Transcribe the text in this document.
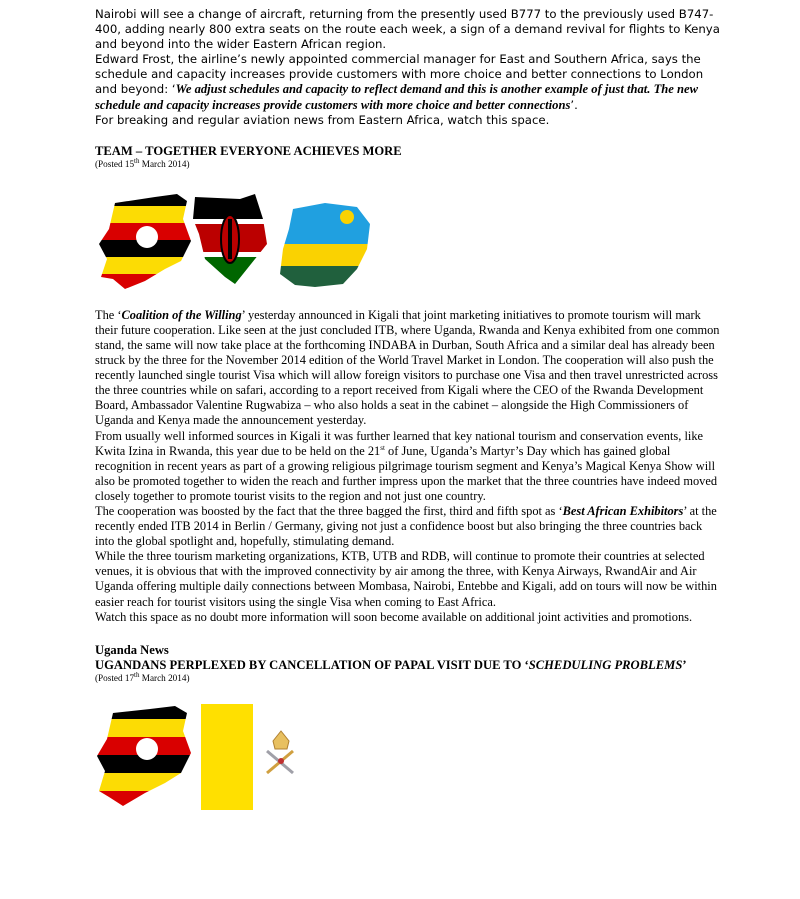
Nairobi will see a change of aircraft, returning from the presently used B777 to the previously used B747- 400, adding nearly 800 extra seats on the route each week, a sign of a demand revival for flights to Kenya and beyond into the wider Eastern African region.

Edward Frost, the airline’s newly appointed commercial manager for East and Southern Africa, says the schedule and capacity increases provide customers with more choice and better connections to London and beyond: ‘We adjust schedules and capacity to reflect demand and this is another example of just that. The new schedule and capacity increases provide customers with more choice and better connections’.

For breaking and regular aviation news from Eastern Africa, watch this space.

TEAM – TOGETHER EVERYONE ACHIEVES MORE

(Posted 15th March 2014)

The ‘Coalition of the Willing’ yesterday announced in Kigali that joint marketing initiatives to promote tourism will mark their future cooperation. Like seen at the just concluded ITB, where Uganda, Rwanda and Kenya exhibited from one common stand, the same will now take place at the forthcoming INDABA in Durban, South Africa and a similar deal has already been struck by the three for the November 2014 edition of the World Travel Market in London. The cooperation will also push the recently launched single tourist Visa which will allow foreign visitors to purchase one Visa and then travel unrestricted across the three countries while on safari, according to a report received from Kigali where the CEO of the Rwanda Development Board, Ambassador Valentine Rugwabiza – who also holds a seat in the cabinet – alongside the High Commissioners of Uganda and Kenya made the announcement yesterday.

From usually well informed sources in Kigali it was further learned that key national tourism and conservation events, like Kwita Izina in Rwanda, this year due to be held on the 21st of June, Uganda’s Martyr’s Day which has gained global recognition in recent years as part of a growing religious pilgrimage tourism segment and Kenya’s Magical Kenya Show will also be promoted together to widen the reach and further impress upon the market that the three countries have indeed moved closely together to promote tourist visits to the region and not just one country.

The cooperation was boosted by the fact that the three bagged the first, third and fifth spot as ‘Best African Exhibitors’ at the recently ended ITB 2014 in Berlin / Germany, giving not just a confidence boost but also bringing the three countries back into the global spotlight and, hopefully, stimulating demand.

While the three tourism marketing organizations, KTB, UTB and RDB, will continue to promote their countries at selected venues, it is obvious that with the improved connectivity by air among the three, with Kenya Airways, RwandAir and Air Uganda offering multiple daily connections between Mombasa, Nairobi, Entebbe and Kigali, add on tours will now be within easier reach for tourist visitors using the single Visa when coming to East Africa.

Watch this space as no doubt more information will soon become available on additional joint activities and promotions.

Uganda News
UGANDANS PERPLEXED BY CANCELLATION OF PAPAL VISIT DUE TO ‘SCHEDULING PROBLEMS’

(Posted 17th March 2014)
